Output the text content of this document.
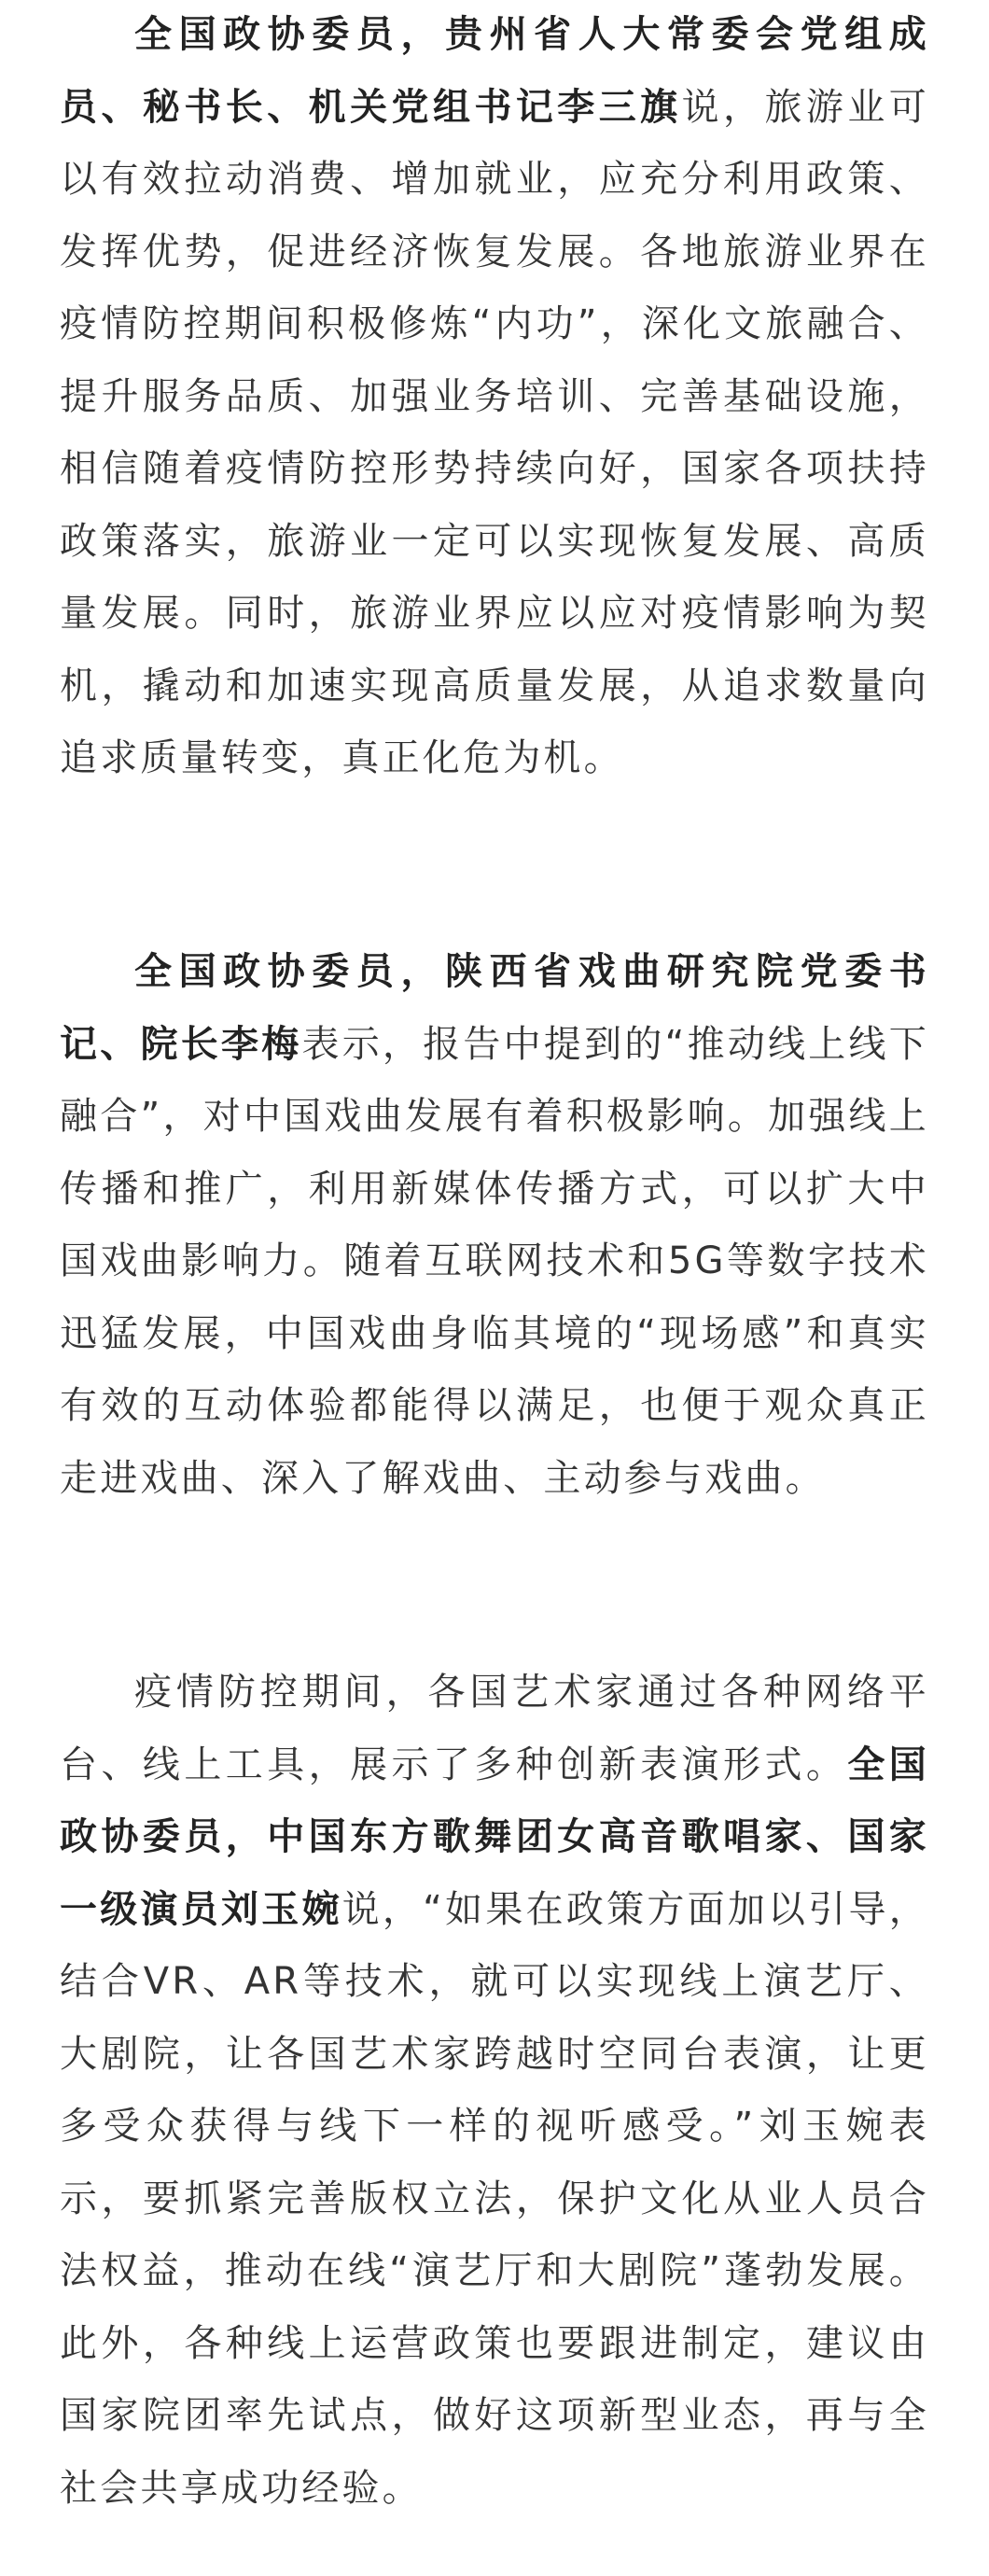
全国政协委员，贵州省人大常委会党组成员、秘书长、机关党组书记李三旗说，旅游业可以有效拉动消费、增加就业，应充分利用政策、发挥优势，促进经济恢复发展。各地旅游业界在疫情防控期间积极修炼“内功”，深化文旅融合、提升服务品质、加强业务培训、完善基础设施，相信随着疫情防控形势持续向好，国家各项扶持政策落实，旅游业一定可以实现恢复发展、高质量发展。同时，旅游业界应以应对疫情影响为契机，撬动和加速实现高质量发展，从追求数量向追求质量转变，真正化危为机。

全国政协委员，陕西省戏曲研究院党委书记、院长李梅表示，报告中提到的“推动线上线下融合”，对中国戏曲发展有着积极影响。加强线上传播和推广，利用新媒体传播方式，可以扩大中国戏曲影响力。随着互联网技术和5G等数字技术迅猛发展，中国戏曲身临其境的“现场感”和真实有效的互动体验都能得以满足，也便于观众真正走进戏曲、深入了解戏曲、主动参与戏曲。

疫情防控期间，各国艺术家通过各种网络平台、线上工具，展示了多种创新表演形式。全国政协委员，中国东方歌舞团女高音歌唱家、国家一级演员刘玉婉说，“如果在政策方面加以引导，结合VR、AR等技术，就可以实现线上演艺厅、大剧院，让各国艺术家跨越时空同台表演，让更多受众获得与线下一样的视听感受。”刘玉婉表示，要抓紧完善版权立法，保护文化从业人员合法权益，推动在线“演艺厅和大剧院”蓬勃发展。此外，各种线上运营政策也要跟进制定，建议由国家院团率先试点，做好这项新型业态，再与全社会共享成功经验。
